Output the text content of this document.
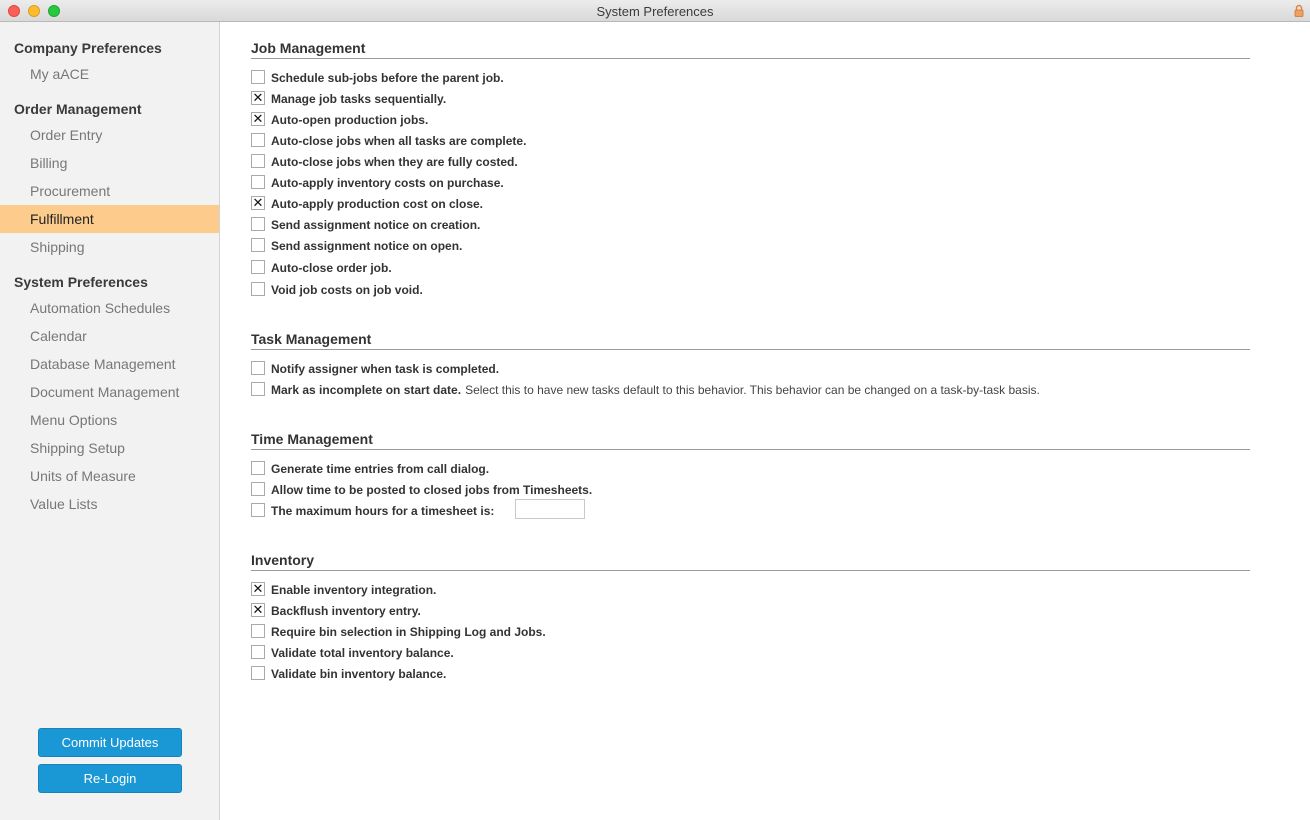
System Preferences
Company Preferences
My aACE
Order Management
Order Entry
Billing
Procurement
Fulfillment
Shipping
System Preferences
Automation Schedules
Calendar
Database Management
Document Management
Menu Options
Shipping Setup
Units of Measure
Value Lists
Commit Updates
Re-Login
Job Management
Schedule sub-jobs before the parent job.
✕ Manage job tasks sequentially.
✕ Auto-open production jobs.
Auto-close jobs when all tasks are complete.
Auto-close jobs when they are fully costed.
Auto-apply inventory costs on purchase.
✕ Auto-apply production cost on close.
Send assignment notice on creation.
Send assignment notice on open.
Auto-close order job.
Void job costs on job void.
Task Management
Notify assigner when task is completed.
Mark as incomplete on start date. Select this to have new tasks default to this behavior. This behavior can be changed on a task-by-task basis.
Time Management
Generate time entries from call dialog.
Allow time to be posted to closed jobs from Timesheets.
The maximum hours for a timesheet is:
Inventory
✕ Enable inventory integration.
✕ Backflush inventory entry.
Require bin selection in Shipping Log and Jobs.
Validate total inventory balance.
Validate bin inventory balance.
